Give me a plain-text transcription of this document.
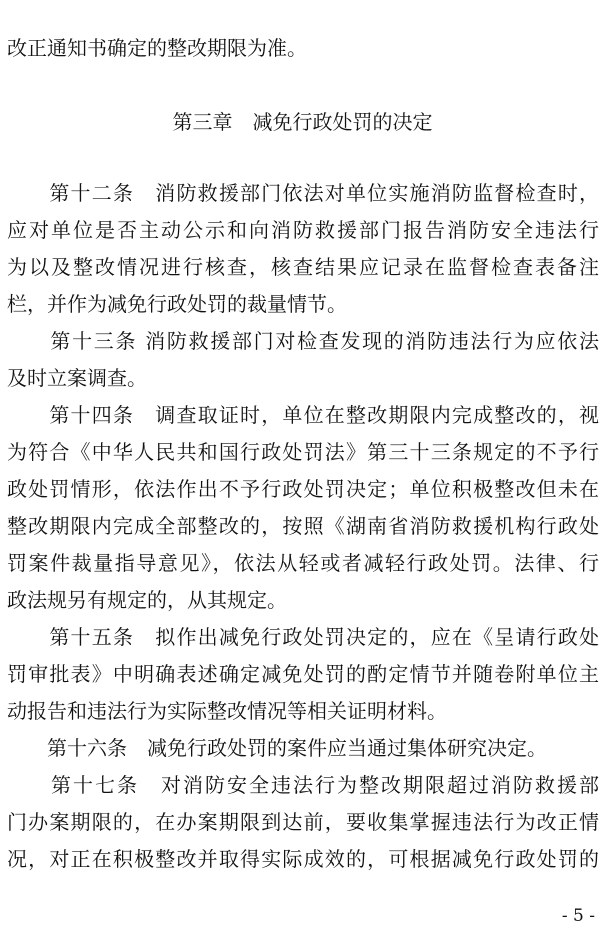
改正通知书确定的整改期限为准。
第三章　减免行政处罚的决定
　　第十二条　消防救援部门依法对单位实施消防监督检查时，
应对单位是否主动公示和向消防救援部门报告消防安全违法行
为以及整改情况进行核查，核查结果应记录在监督检查表备注
栏，并作为减免行政处罚的裁量情节。
　　第十三条 消防救援部门对检查发现的消防违法行为应依法
及时立案调查。
　　第十四条　调查取证时，单位在整改期限内完成整改的，视
为符合《中华人民共和国行政处罚法》第三十三条规定的不予行
政处罚情形，依法作出不予行政处罚决定；单位积极整改但未在
整改期限内完成全部整改的，按照《湖南省消防救援机构行政处
罚案件裁量指导意见》，依法从轻或者减轻行政处罚。法律、行
政法规另有规定的，从其规定。
　　第十五条　拟作出减免行政处罚决定的，应在《呈请行政处
罚审批表》中明确表述确定减免处罚的酌定情节并随卷附单位主
动报告和违法行为实际整改情况等相关证明材料。
　　第十六条　减免行政处罚的案件应当通过集体研究决定。
　　第十七条　对消防安全违法行为整改期限超过消防救援部
门办案期限的，在办案期限到达前，要收集掌握违法行为改正情
况，对正在积极整改并取得实际成效的，可根据减免行政处罚的
- 5 -
